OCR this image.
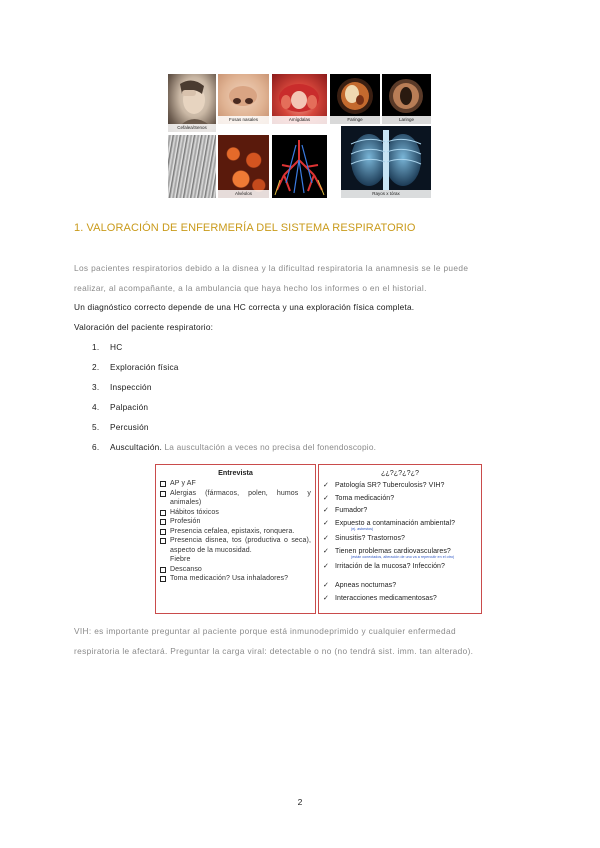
Cefalea/Senos
Fosas nasales	Amígdalas	Faringe	Laringe
Alvéolos	Rayos x tórax
1. VALORACIÓN DE ENFERMERÍA DEL SISTEMA RESPIRATORIO
Los pacientes respiratorios debido a la disnea y la dificultad respiratoria la anamnesis se le puede
realizar, al acompañante, a la ambulancia que haya hecho los informes o en el historial.
Un diagnóstico correcto depende de una HC correcta y una exploración física completa.
Valoración del paciente respiratorio:
1. HC
2. Exploración física
3. Inspección
4. Palpación
5. Percusión
6. Auscultación. La auscultación a veces no precisa del fonendoscopio.
Entrevista
AP y AF
Alergias (fármacos, polen, humos y animales)
Hábitos tóxicos
Profesión
Presencia cefalea, epistaxis, ronquera.
Presencia disnea, tos (productiva o seca), aspecto de la mucosidad.
Fiebre
Descanso
Toma medicación? Usa inhaladores?
¿¿?¿?¿?¿?
✓ Patología SR? Tuberculosis? VIH?
✓ Toma medicación?
✓ Fumador?
✓ Expuesto a contaminación ambiental?
(ej. asbestos)
✓ Sinusitis? Trastornos?
✓ Tienen problemas cardiovasculares?
(están conectados, alteración de uno va a repercutir en el otro)
✓ Irritación de la mucosa? Infección?
✓ Apneas nocturnas?
✓ Interacciones medicamentosas?
VIH: es importante preguntar al paciente porque está inmunodeprimido y cualquier enfermedad
respiratoria le afectará. Preguntar la carga viral: detectable o no (no tendrá sist. imm. tan alterado).
2
